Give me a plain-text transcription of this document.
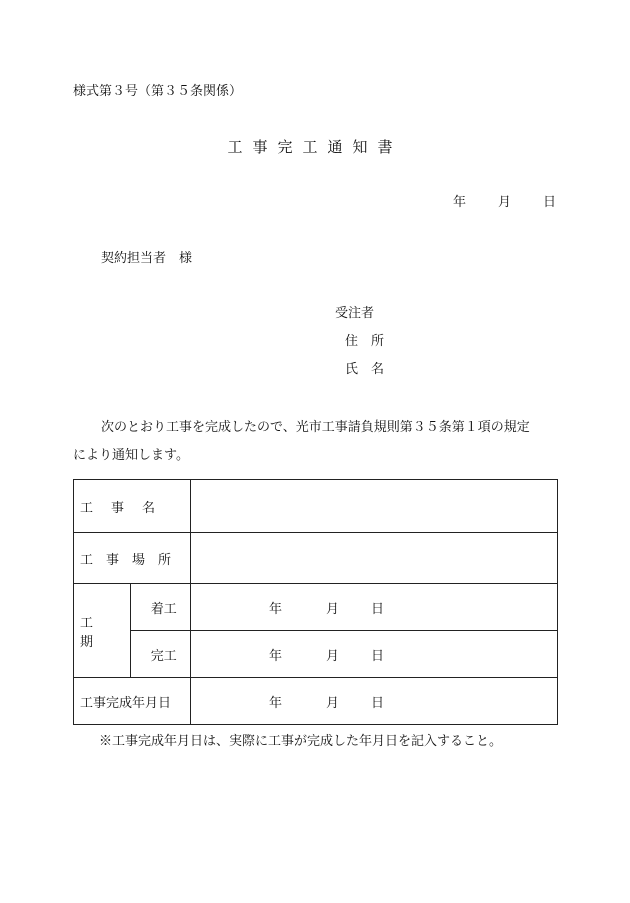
様式第３号（第３５条関係）
工事完工通知書
年 月 日
契約担当者　様
受注者
住　所
氏　名
次のとおり工事を完成したので、光市工事請負規則第３５条第１項の規定
により通知します。
工事名		
工事場所		
工期	着工	年 月 日
	完工	年 月 日
工事完成年月日		年 月 日
※工事完成年月日は、実際に工事が完成した年月日を記入すること。
